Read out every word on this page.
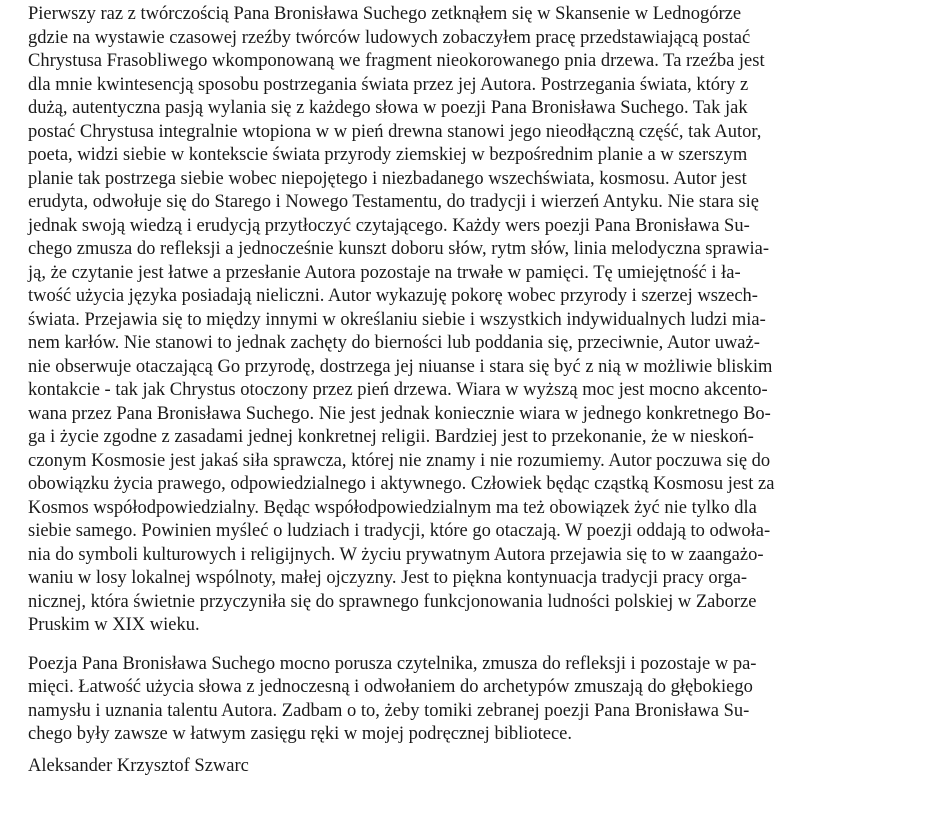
Pierwszy raz z twórczością Pana Bronisława Suchego zetknąłem się w Skansenie w Lednogórze
gdzie na wystawie czasowej rzeźby twórców ludowych zobaczyłem pracę przedstawiającą postać
Chrystusa Frasobliwego wkomponowaną we fragment nieokorowanego pnia drzewa. Ta rzeźba jest
dla mnie kwintesencją sposobu postrzegania świata przez jej Autora. Postrzegania świata, który z
dużą, autentyczna pasją wylania się z każdego słowa w poezji Pana Bronisława Suchego. Tak jak
postać Chrystusa integralnie wtopiona w w pień drewna stanowi jego nieodłączną część, tak Autor,
poeta, widzi siebie w kontekscie świata przyrody ziemskiej w bezpośrednim planie a w szerszym
planie tak postrzega siebie wobec niepojętego i niezbadanego wszechświata, kosmosu. Autor jest
erudyta, odwołuje się do Starego i Nowego Testamentu, do tradycji i wierzeń Antyku. Nie stara się
jednak swoją wiedzą i erudycją przytłoczyć czytającego. Każdy wers poezji Pana Bronisława Su-
chego zmusza do refleksji a jednocześnie kunszt doboru słów, rytm słów, linia melodyczna sprawia-
ją, że czytanie jest łatwe a przesłanie Autora pozostaje na trwałe w pamięci. Tę umiejętność i ła-
twość użycia języka posiadają nieliczni. Autor wykazuję pokorę wobec przyrody i szerzej wszech-
świata. Przejawia się to między innymi w określaniu siebie i wszystkich indywidualnych ludzi mia-
nem karłów. Nie stanowi to jednak zachęty do bierności lub poddania się, przeciwnie, Autor uważ-
nie obserwuje otaczającą Go przyrodę, dostrzega jej niuanse i stara się być z nią w możliwie bliskim
kontakcie - tak jak Chrystus otoczony przez pień drzewa. Wiara w wyższą moc jest mocno akcento-
wana przez Pana Bronisława Suchego. Nie jest jednak koniecznie wiara w jednego konkretnego Bo-
ga i życie zgodne z zasadami jednej konkretnej religii. Bardziej jest to przekonanie, że w nieskoń-
czonym Kosmosie jest jakaś siła sprawcza, której nie znamy i nie rozumiemy. Autor poczuwa się do
obowiązku życia prawego, odpowiedzialnego i aktywnego. Człowiek będąc cząstką Kosmosu jest za
Kosmos współodpowiedzialny. Będąc współodpowiedzialnym ma też obowiązek żyć nie tylko dla
siebie samego. Powinien myśleć o ludziach i tradycji, które go otaczają. W poezji oddają to odwoła-
nia do symboli kulturowych i religijnych. W życiu prywatnym Autora przejawia się to w zaangażo-
waniu w losy lokalnej wspólnoty, małej ojczyzny. Jest to piękna kontynuacja tradycji pracy orga-
nicznej, która świetnie przyczyniła się do sprawnego funkcjonowania ludności polskiej w Zaborze
Pruskim w XIX wieku.
Poezja Pana Bronisława Suchego mocno porusza czytelnika, zmusza do refleksji i pozostaje w pa-
mięci. Łatwość użycia słowa z jednoczesną i odwołaniem do archetypów zmuszają do głębokiego
namysłu i uznania talentu Autora. Zadbam o to, żeby tomiki zebranej poezji Pana Bronisława Su-
chego były zawsze w łatwym zasięgu ręki w mojej podręcznej bibliotece.
Aleksander Krzysztof Szwarc
